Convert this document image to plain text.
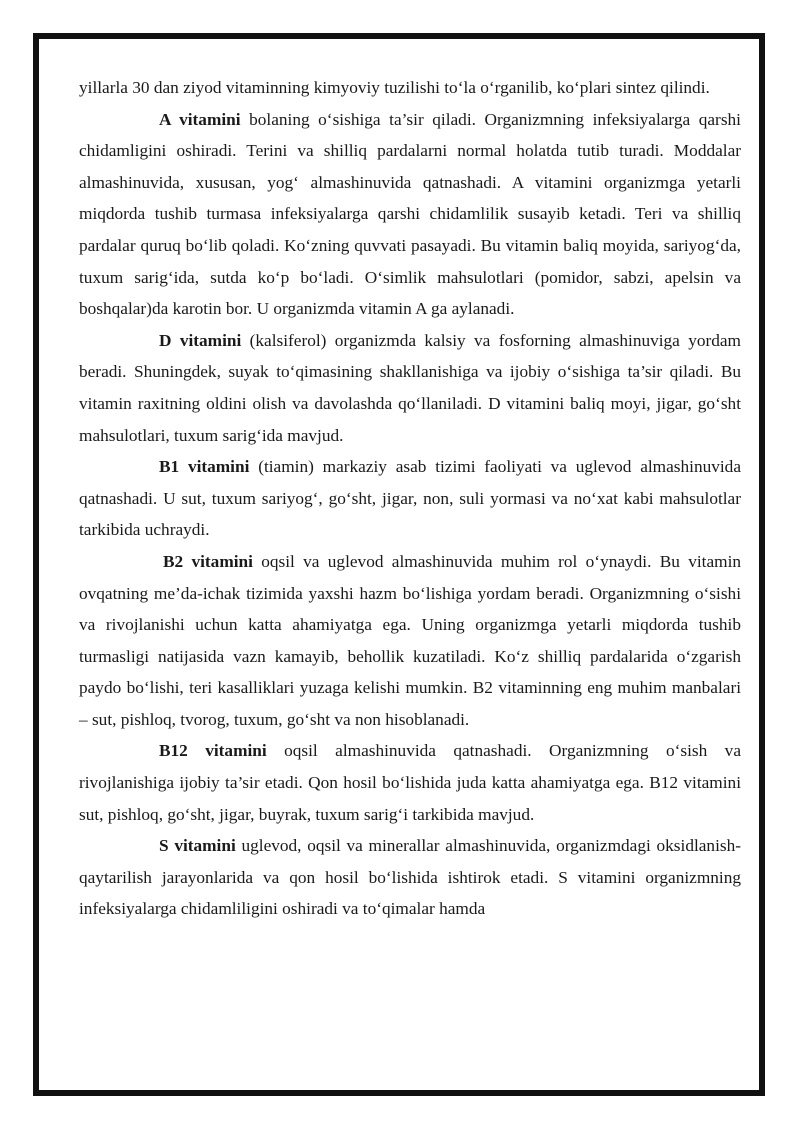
yillarla 30 dan ziyod vitaminning kimyoviy tuzilishi to‘la o‘rganilib, ko‘plari sintez qilindi.

A vitamini bolaning o‘sishiga ta’sir qiladi. Organizmning infeksiyalarga qarshi chidamligini oshiradi. Terini va shilliq pardalarni normal holatda tutib turadi. Moddalar almashinuvida, xususan, yog‘ almashinuvida qatnashadi. A vitamini organizmga yetarli miqdorda tushib turmasa infeksiyalarga qarshi chidamlilik susayib ketadi. Teri va shilliq pardalar quruq bo‘lib qoladi. Ko‘zning quvvati pasayadi. Bu vitamin baliq moyida, sariyog‘da, tuxum sarig‘ida, sutda ko‘p bo‘ladi. O‘simlik mahsulotlari (pomidor, sabzi, apelsin va boshqalar)da karotin bor. U organizmda vitamin A ga aylanadi.

D vitamini (kalsiferol) organizmda kalsiy va fosforning almashinuviga yordam beradi. Shuningdek, suyak to‘qimasining shakllanishiga va ijobiy o‘sishiga ta’sir qiladi. Bu vitamin raxitning oldini olish va davolashda qo‘llaniladi. D vitamini baliq moyi, jigar, go‘sht mahsulotlari, tuxum sarig‘ida mavjud.

B1 vitamini (tiamin) markaziy asab tizimi faoliyati va uglevod almashinuvida qatnashadi. U sut, tuxum sariyog‘, go‘sht, jigar, non, suli yormasi va no‘xat kabi mahsulotlar tarkibida uchraydi.

B2 vitamini oqsil va uglevod almashinuvida muhim rol o‘ynaydi. Bu vitamin ovqatning me’da-ichak tizimida yaxshi hazm bo‘lishiga yordam beradi. Organizmning o‘sishi va rivojlanishi uchun katta ahamiyatga ega. Uning organizmga yetarli miqdorda tushib turmasligi natijasida vazn kamayib, behollik kuzatiladi. Ko‘z shilliq pardalarida o‘zgarish paydo bo‘lishi, teri kasalliklari yuzaga kelishi mumkin. B2 vitaminning eng muhim manbalari – sut, pishloq, tvorog, tuxum, go‘sht va non hisoblanadi.

B12 vitamini oqsil almashinuvida qatnashadi. Organizmning o‘sish va rivojlanishiga ijobiy ta’sir etadi. Qon hosil bo‘lishida juda katta ahamiyatga ega. B12 vitamini sut, pishloq, go‘sht, jigar, buyrak, tuxum sarig‘i tarkibida mavjud.

S vitamini uglevod, oqsil va minerallar almashinuvida, organizmdagi oksidlanish-qaytarilish jarayonlarida va qon hosil bo‘lishida ishtirok etadi. S vitamini organizmning infeksiyalarga chidamliligini oshiradi va to‘qimalar hamda
